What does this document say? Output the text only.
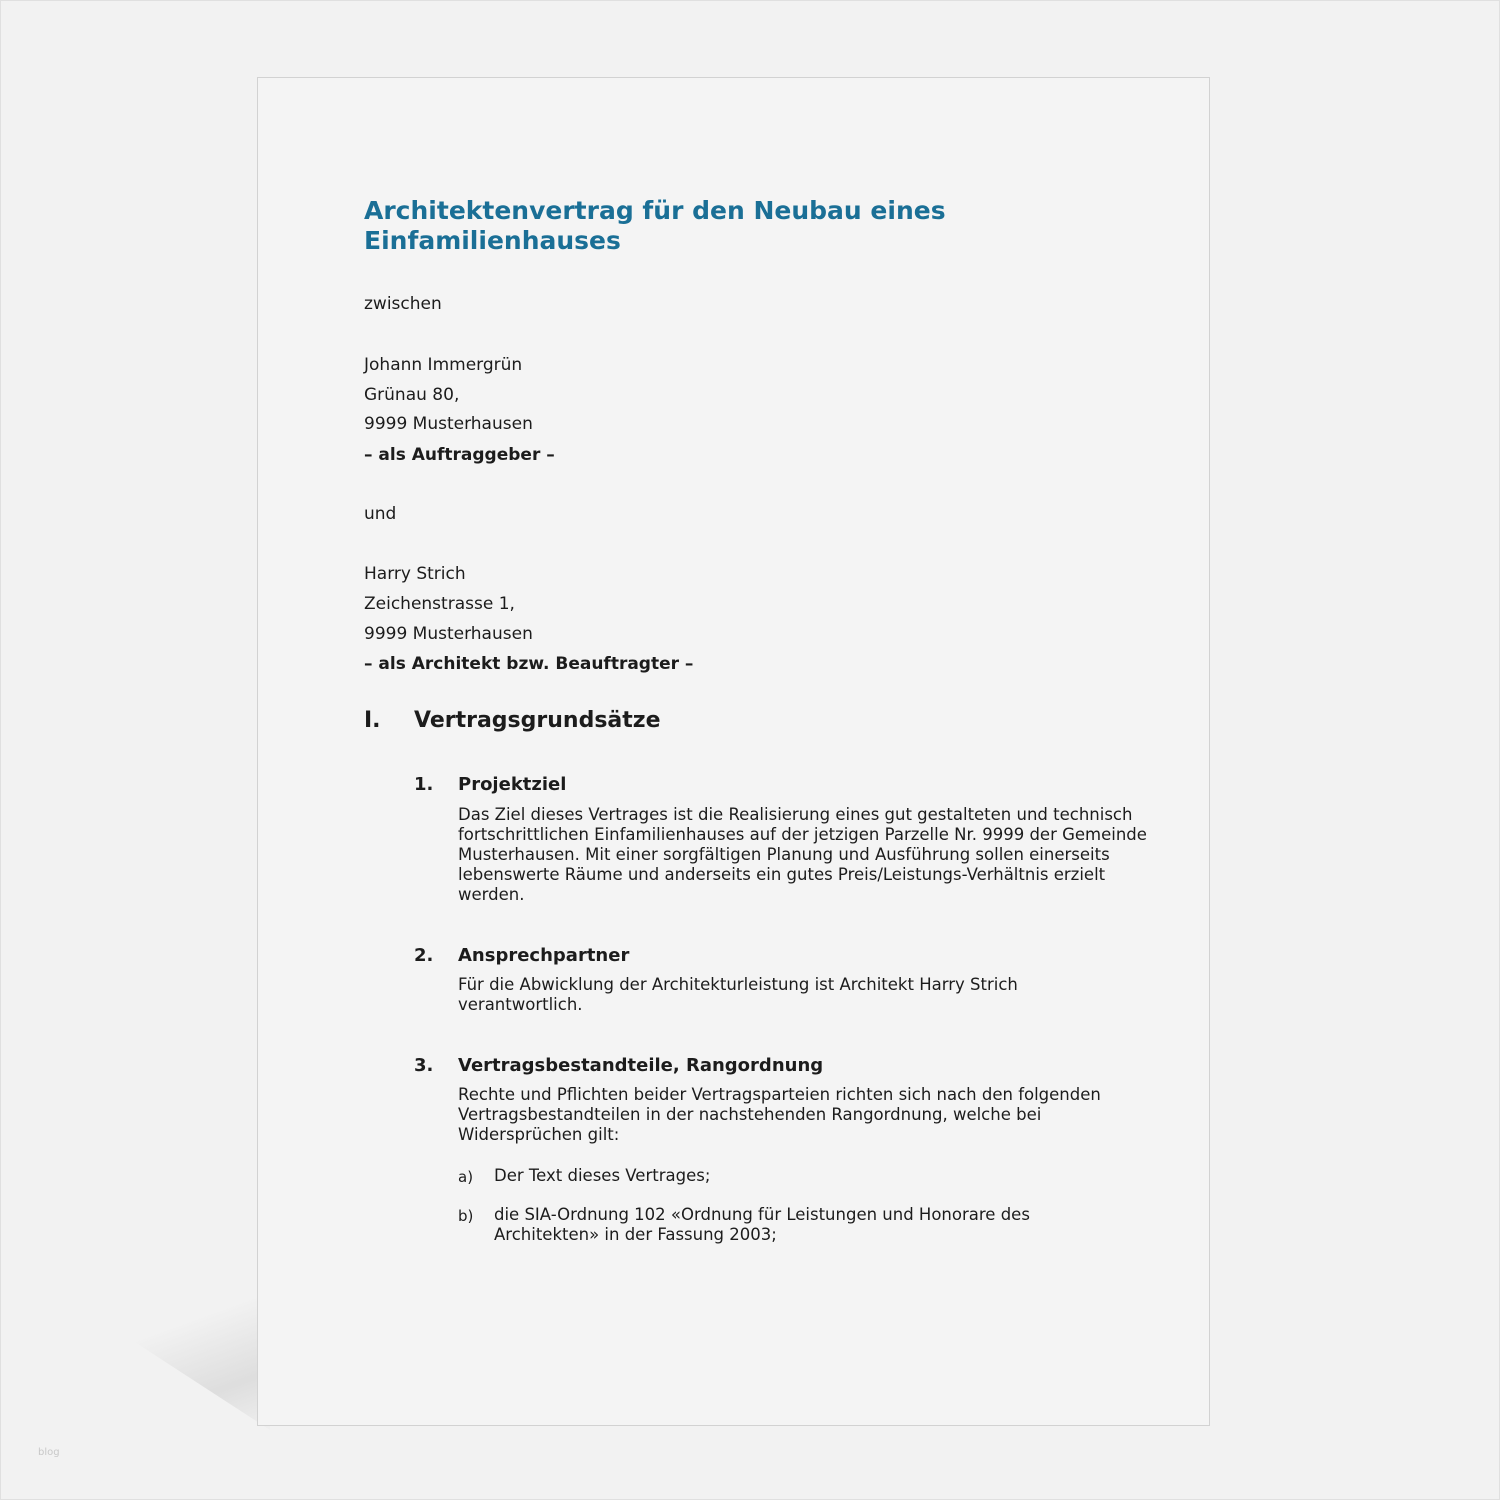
Architektenvertrag für den Neubau eines Einfamilienhauses
zwischen
Johann Immergrün
Grünau 80,
9999 Musterhausen
– als Auftraggeber –
und
Harry Strich
Zeichenstrasse 1,
9999 Musterhausen
– als Architekt bzw. Beauftragter –
I. Vertragsgrundsätze
1. Projektziel

Das Ziel dieses Vertrages ist die Realisierung eines gut gestalteten und technisch fortschrittlichen Einfamilienhauses auf der jetzigen Parzelle Nr. 9999 der Gemeinde Musterhausen. Mit einer sorgfältigen Planung und Ausführung sollen einerseits lebenswerte Räume und anderseits ein gutes Preis/Leistungs-Verhältnis erzielt werden.

2. Ansprechpartner

Für die Abwicklung der Architekturleistung ist Architekt Harry Strich verantwortlich.

3. Vertragsbestandteile, Rangordnung

Rechte und Pflichten beider Vertragsparteien richten sich nach den folgenden Vertragsbestandteilen in der nachstehenden Rangordnung, welche bei Widersprüchen gilt:

a) Der Text dieses Vertrages;

b) die SIA-Ordnung 102 «Ordnung für Leistungen und Honorare des Architekten» in der Fassung 2003;

blog
